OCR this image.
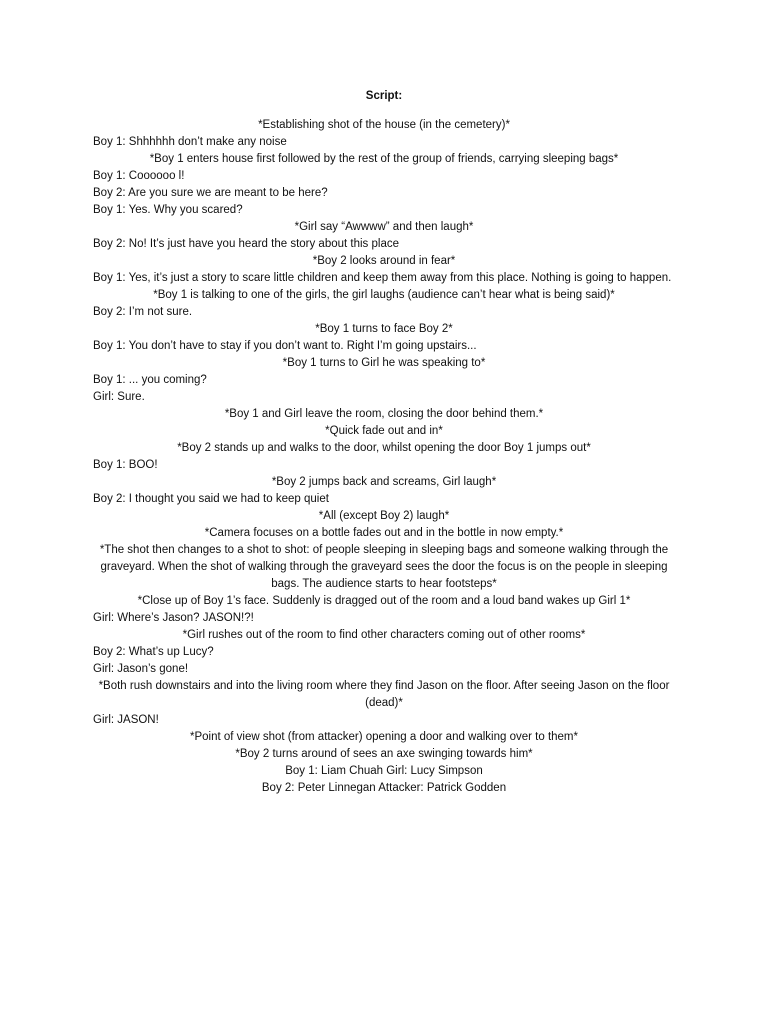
Script:
*Establishing shot of the house (in the cemetery)*
Boy 1: Shhhhhh don’t make any noise
*Boy 1 enters house first followed by the rest of the group of friends, carrying sleeping bags*
Boy 1: Coooooo l!
Boy 2: Are you sure we are meant to be here?
Boy 1: Yes. Why you scared?
*Girl say “Awwww” and then laugh*
Boy 2: No! It’s just have you heard the story about this place
*Boy 2 looks around in fear*
Boy 1: Yes, it’s just a story to scare little children and keep them away from this place. Nothing is going to happen.
*Boy 1 is talking to one of the girls, the girl laughs (audience can’t hear what is being said)*
Boy 2: I’m not sure.
*Boy 1 turns to face Boy 2*
Boy 1: You don’t have to stay if you don’t want to. Right I’m going upstairs...
*Boy 1 turns to Girl he was speaking to*
Boy 1: ... you coming?
Girl: Sure.
*Boy 1 and Girl leave the room, closing the door behind them.*
*Quick fade out and in*
*Boy 2 stands up and walks to the door, whilst opening the door Boy 1 jumps out*
Boy 1: BOO!
*Boy 2 jumps back and screams, Girl laugh*
Boy 2: I thought you said we had to keep quiet
*All (except Boy 2) laugh*
*Camera focuses on a bottle fades out and in the bottle in now empty.*
*The shot then changes to a shot to shot: of people sleeping in sleeping bags and someone walking through the graveyard. When the shot of walking through the graveyard sees the door the focus is on the people in sleeping bags. The audience starts to hear footsteps*
*Close up of Boy 1’s face. Suddenly is dragged out of the room and a loud band wakes up Girl 1*
Girl: Where’s Jason? JASON!?!
*Girl rushes out of the room to find other characters coming out of other rooms*
Boy 2: What’s up Lucy?
Girl: Jason’s gone!
*Both rush downstairs and into the living room where they find Jason on the floor. After seeing Jason on the floor (dead)*
Girl: JASON!
*Point of view shot (from attacker) opening a door and walking over to them*
*Boy 2 turns around of sees an axe swinging towards him*
Boy 1: Liam Chuah Girl: Lucy Simpson
Boy 2: Peter Linnegan Attacker: Patrick Godden
